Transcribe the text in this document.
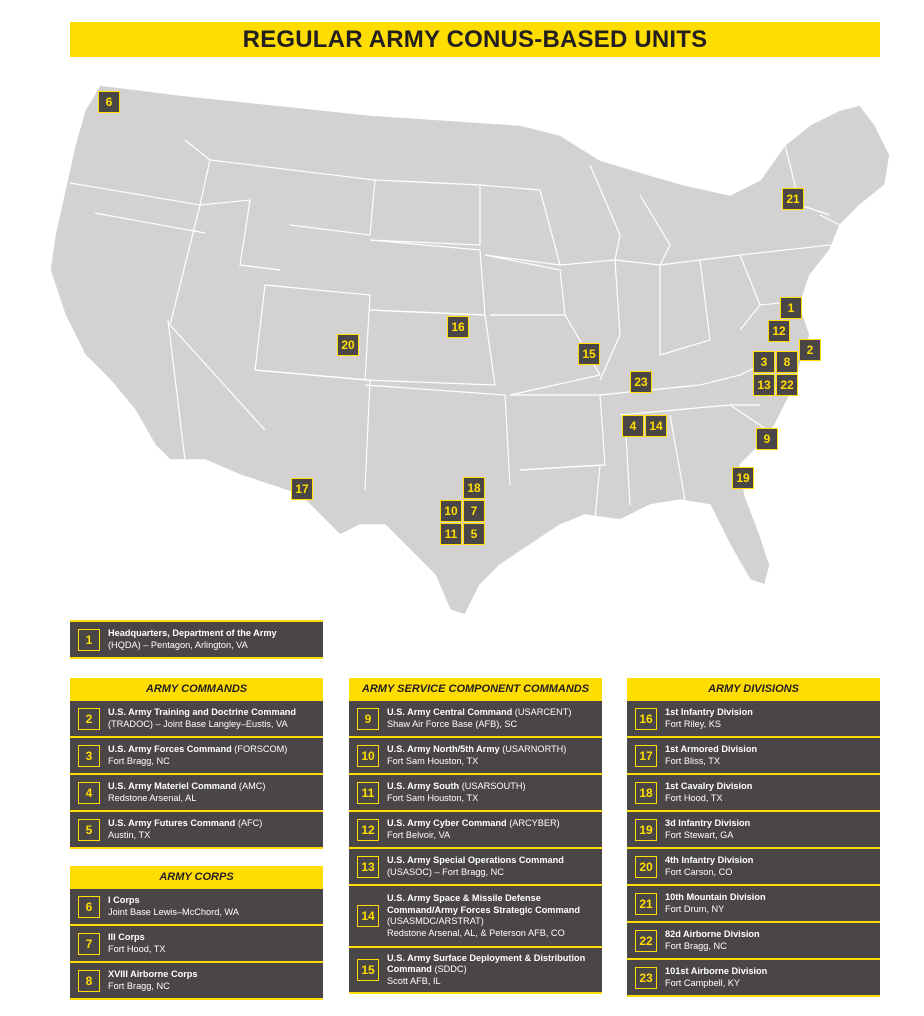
REGULAR ARMY CONUS-BASED UNITS
6
21
1
12
2
3	8
13 22
16
20
15
23
4	14
9
19
17	18
10	7
11	5
1	Headquarters, Department of the Army
(HQDA) – Pentagon, Arlington, VA
ARMY COMMANDS
2	U.S. Army Training and Doctrine Command
(TRADOC) – Joint Base Langley–Eustis, VA
3	U.S. Army Forces Command (FORSCOM)
Fort Bragg, NC
4	U.S. Army Materiel Command (AMC)
Redstone Arsenal, AL
5	U.S. Army Futures Command (AFC)
Austin, TX
ARMY CORPS
6	I Corps
Joint Base Lewis–McChord, WA
7	III Corps
Fort Hood, TX
8	XVIII Airborne Corps
Fort Bragg, NC
ARMY SERVICE COMPONENT COMMANDS
9	U.S. Army Central Command (USARCENT)
Shaw Air Force Base (AFB), SC
10	U.S. Army North/5th Army (USARNORTH)
Fort Sam Houston, TX
11	U.S. Army South (USARSOUTH)
Fort Sam Houston, TX
12	U.S. Army Cyber Command (ARCYBER)
Fort Belvoir, VA
13	U.S. Army Special Operations Command
(USASOC) – Fort Bragg, NC
14
U.S. Army Space & Missile Defense Command/Army Forces Strategic Command (USASMDC/ARSTRAT)
Redstone Arsenal, AL, & Peterson AFB, CO
15
U.S. Army Surface Deployment & Distribution Command (SDDC)
Scott AFB, IL
ARMY DIVISIONS
16	1st Infantry Division
Fort Riley, KS
17	1st Armored Division
Fort Bliss, TX
18	1st Cavalry Division
Fort Hood, TX
19	3d Infantry Division
Fort Stewart, GA
20	4th Infantry Division
Fort Carson, CO
21	10th Mountain Division
Fort Drum, NY
22	82d Airborne Division
Fort Bragg, NC
23	101st Airborne Division
Fort Campbell, KY
